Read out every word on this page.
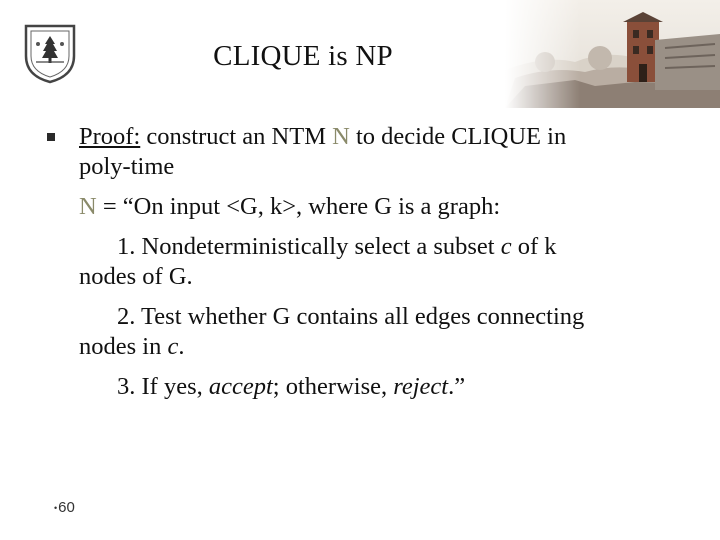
CLIQUE is NP
Proof: construct an NTM N to decide CLIQUE in
poly-time
N = “On input <G, k>, where G is a graph:
1. Nondeterministically select a subset c of k
nodes of G.
2. Test whether G contains all edges connecting
nodes in c.
3. If yes, accept; otherwise, reject.”
•60
